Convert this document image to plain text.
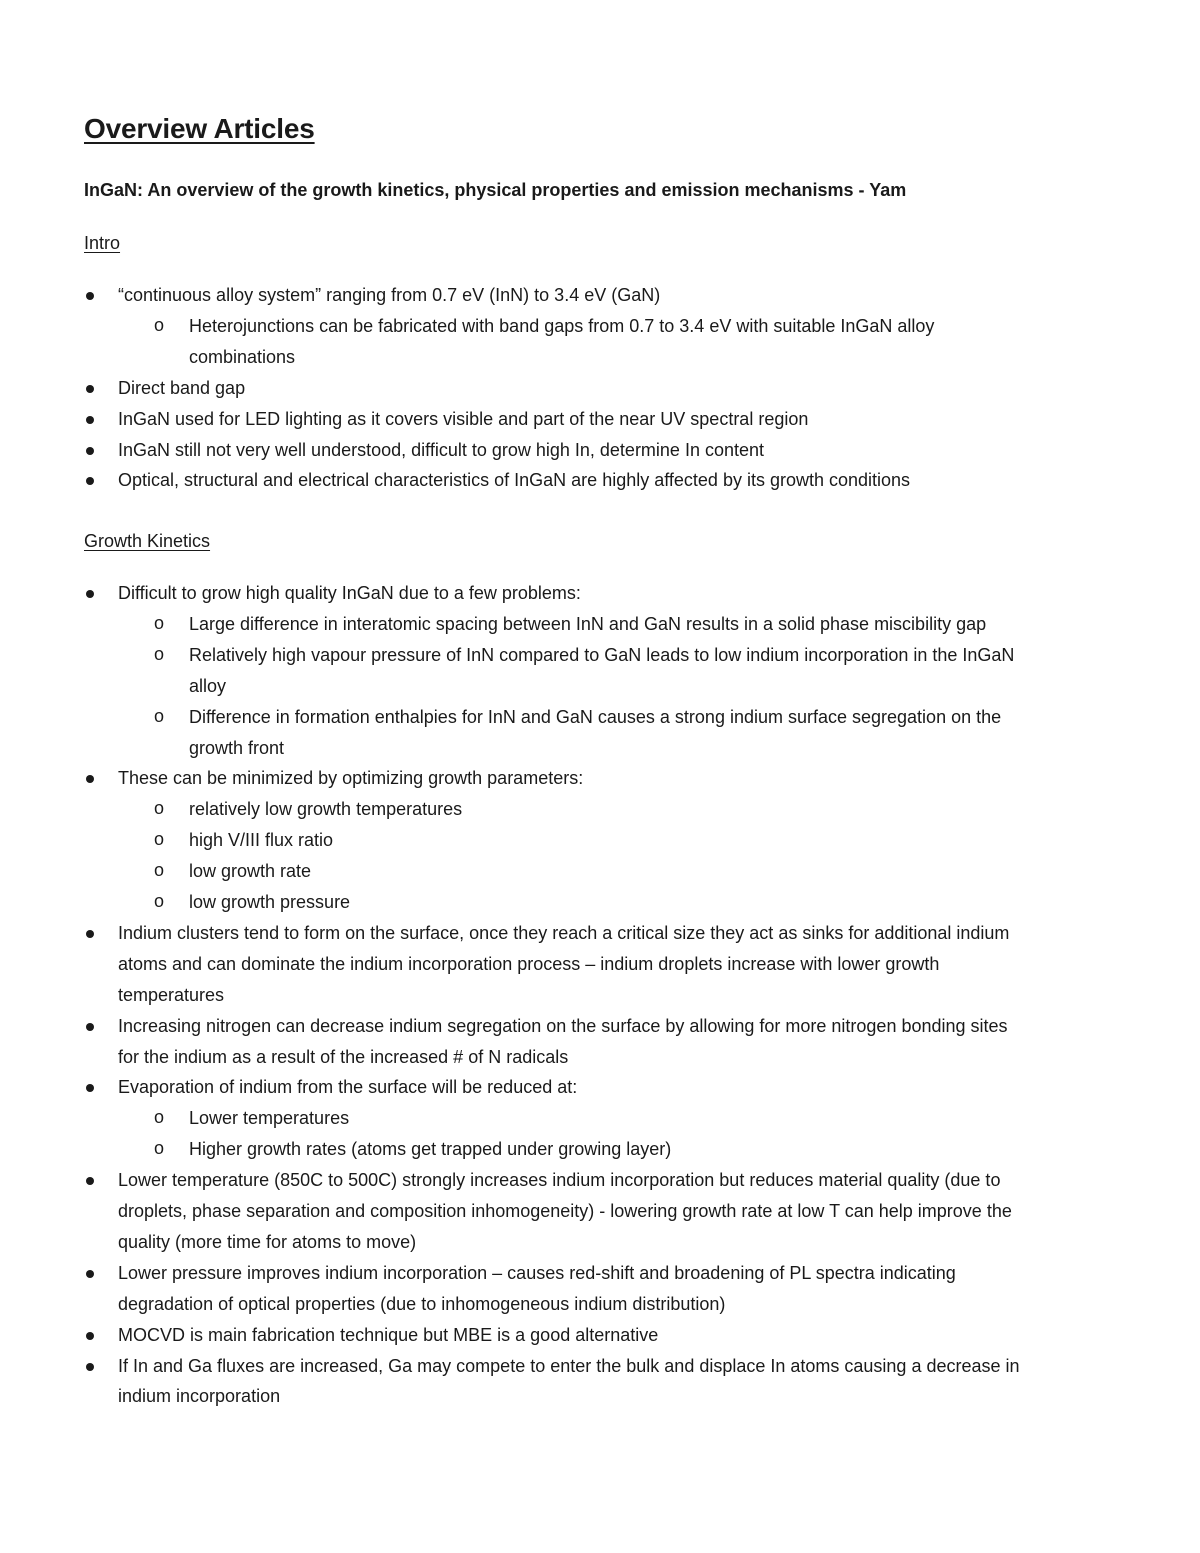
Overview Articles
InGaN: An overview of the growth kinetics, physical properties and emission mechanisms - Yam
Intro
“continuous alloy system” ranging from 0.7 eV (InN) to 3.4 eV (GaN)
o Heterojunctions can be fabricated with band gaps from 0.7 to 3.4 eV with suitable InGaN alloy
combinations
Direct band gap
InGaN used for LED lighting as it covers visible and part of the near UV spectral region
InGaN still not very well understood, difficult to grow high In, determine In content
Optical, structural and electrical characteristics of InGaN are highly affected by its growth conditions
Growth Kinetics
Difficult to grow high quality InGaN due to a few problems:
o Large difference in interatomic spacing between InN and GaN results in a solid phase miscibility gap
o Relatively high vapour pressure of InN compared to GaN leads to low indium incorporation in the InGaN
alloy
o Difference in formation enthalpies for InN and GaN causes a strong indium surface segregation on the
growth front
These can be minimized by optimizing growth parameters:
o relatively low growth temperatures
o high V/III flux ratio
o low growth rate
o low growth pressure
Indium clusters tend to form on the surface, once they reach a critical size they act as sinks for additional indium
atoms and can dominate the indium incorporation process – indium droplets increase with lower growth
temperatures
Increasing nitrogen can decrease indium segregation on the surface by allowing for more nitrogen bonding sites
for the indium as a result of the increased # of N radicals
Evaporation of indium from the surface will be reduced at:
o Lower temperatures
o Higher growth rates (atoms get trapped under growing layer)
Lower temperature (850C to 500C) strongly increases indium incorporation but reduces material quality (due to
droplets, phase separation and composition inhomogeneity) - lowering growth rate at low T can help improve the
quality (more time for atoms to move)
Lower pressure improves indium incorporation – causes red-shift and broadening of PL spectra indicating
degradation of optical properties (due to inhomogeneous indium distribution)
MOCVD is main fabrication technique but MBE is a good alternative
If In and Ga fluxes are increased, Ga may compete to enter the bulk and displace In atoms causing a decrease in
indium incorporation
